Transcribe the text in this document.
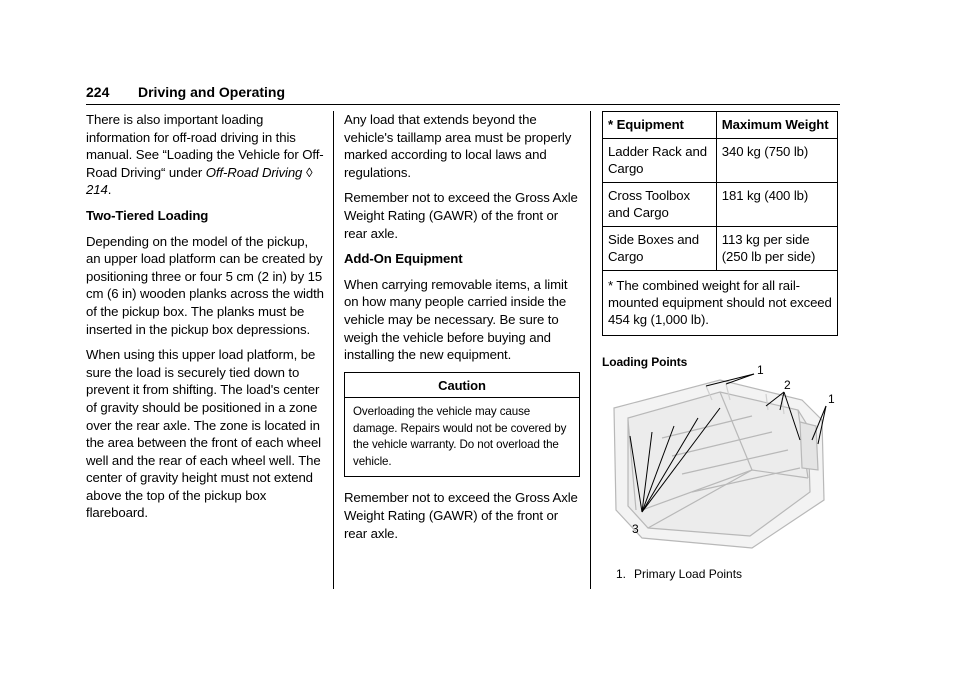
224 Driving and Operating

There is also important loading information for off-road driving in this manual. See “Loading the Vehicle for Off-Road Driving“ under Off-Road Driving ◊ 214.

Two-Tiered Loading

Depending on the model of the pickup, an upper load platform can be created by positioning three or four 5 cm (2 in) by 15 cm (6 in) wooden planks across the width of the pickup box. The planks must be inserted in the pickup box depressions.

When using this upper load platform, be sure the load is securely tied down to prevent it from shifting. The load's center of gravity should be positioned in a zone over the rear axle. The zone is located in the area between the front of each wheel well and the rear of each wheel well. The center of gravity height must not extend above the top of the pickup box flareboard.

Any load that extends beyond the vehicle's taillamp area must be properly marked according to local laws and regulations.

Remember not to exceed the Gross Axle Weight Rating (GAWR) of the front or rear axle.

Add-On Equipment

When carrying removable items, a limit on how many people carried inside the vehicle may be necessary. Be sure to weigh the vehicle before buying and installing the new equipment.

Caution
Overloading the vehicle may cause damage. Repairs would not be covered by the vehicle warranty. Do not overload the vehicle.

Remember not to exceed the Gross Axle Weight Rating (GAWR) of the front or rear axle.

* Equipment	Maximum Weight
Ladder Rack and Cargo	340 kg (750 lb)
Cross Toolbox and Cargo	181 kg (400 lb)
Side Boxes and Cargo	113 kg per side (250 lb per side)
* The combined weight for all rail-mounted equipment should not exceed 454 kg (1,000 lb).	
Loading Points
1
2
1
3
1. Primary Load Points
